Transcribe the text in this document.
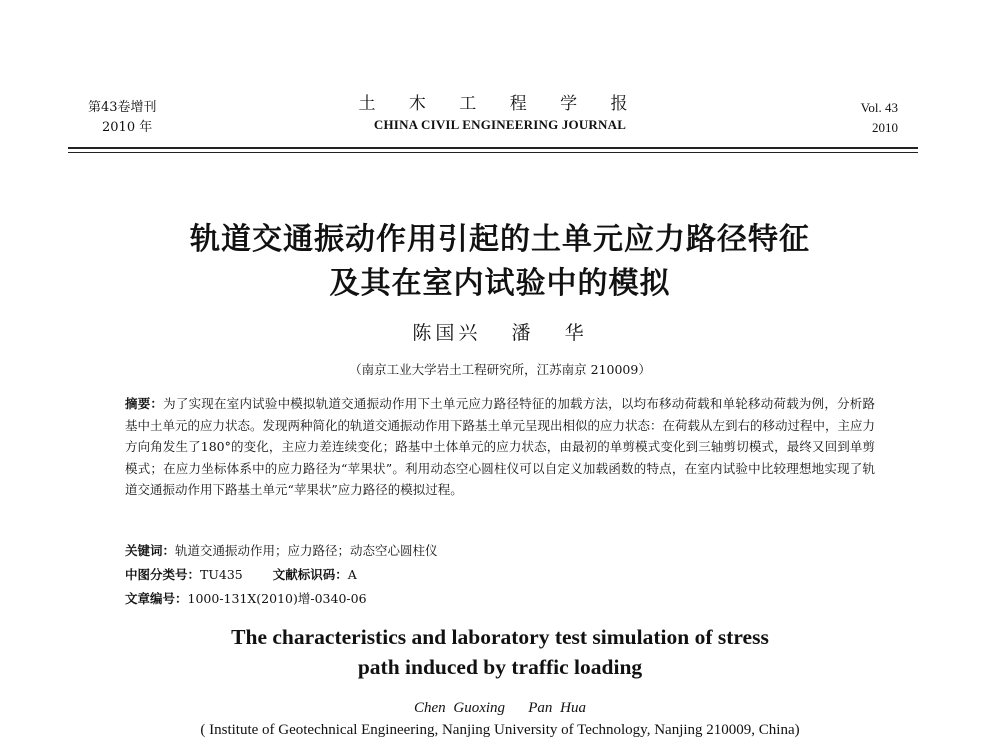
第43卷增刊
2010 年
土 木 工 程 学 报
CHINA CIVIL ENGINEERING JOURNAL
Vol. 43
2010
轨道交通振动作用引起的土单元应力路径特征
及其在室内试验中的模拟
陈国兴   潘   华
（南京工业大学岩土工程研究所，江苏南京 210009）
摘要：为了实现在室内试验中模拟轨道交通振动作用下土单元应力路径特征的加载方法，以均布移动荷载和单轮移动荷载为例，分析路基中土单元的应力状态。发现两种简化的轨道交通振动作用下路基土单元呈现出相似的应力状态：在荷载从左到右的移动过程中，主应力方向角发生了180°的变化，主应力差连续变化；路基中土体单元的应力状态，由最初的单剪模式变化到三轴剪切模式，最终又回到单剪模式；在应力坐标体系中的应力路径为“苹果状”。利用动态空心圆柱仪可以自定义加载函数的特点，在室内试验中比较理想地实现了轨道交通振动作用下路基土单元“苹果状”应力路径的模拟过程。
关键词：轨道交通振动作用；应力路径；动态空心圆柱仪
中图分类号：TU435 文献标识码：A
文章编号：1000-131X(2010)增-0340-06
The characteristics and laboratory test simulation of stress
path induced by traffic loading
Chen Guoxing   Pan Hua
( Institute of Geotechnical Engineering, Nanjing University of Technology, Nanjing 210009, China)
